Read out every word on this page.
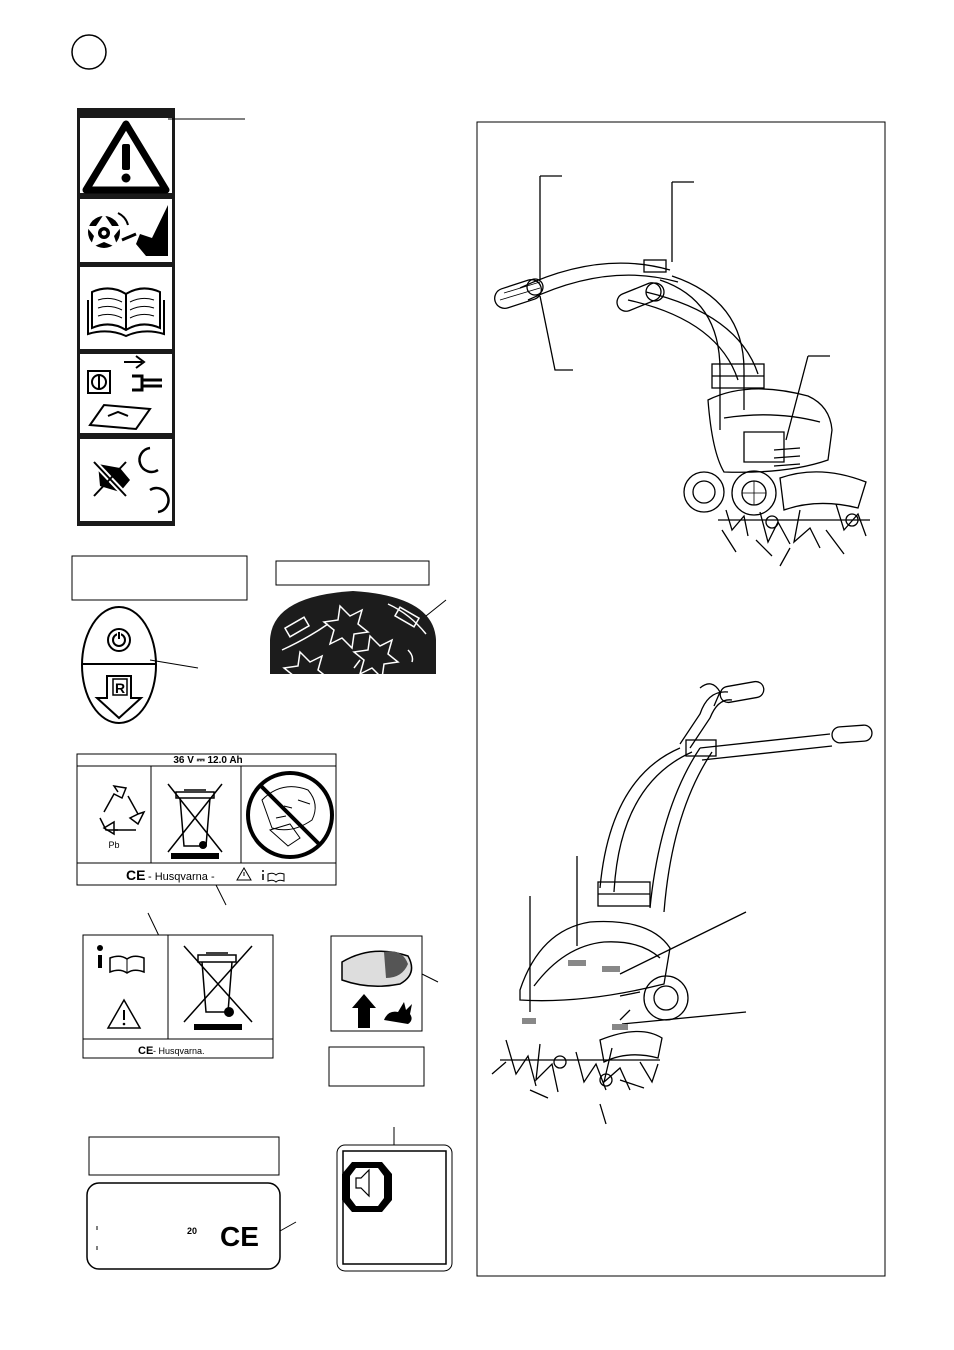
R
36 V ⎓ 12.0 Ah
Pb
CE - Husqvarna -
CE - Husqvarna.
20 CE
